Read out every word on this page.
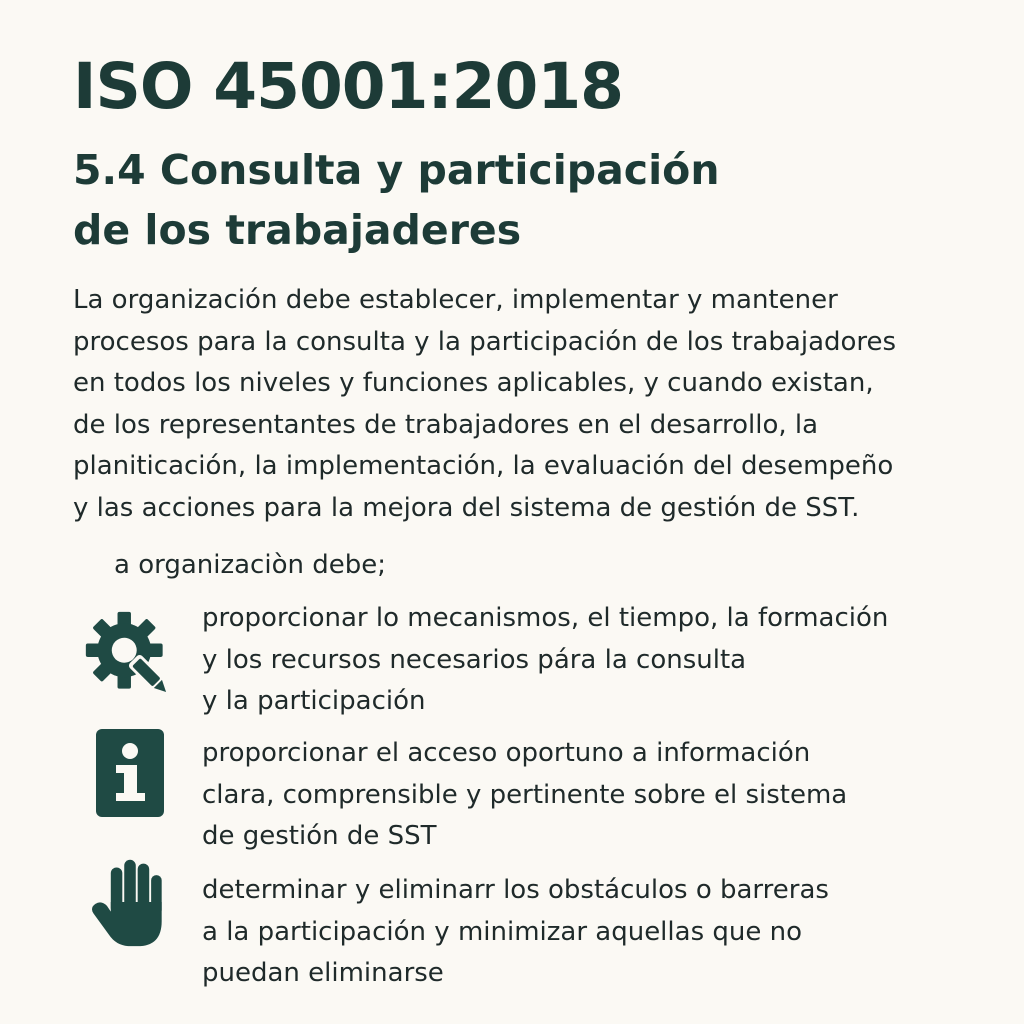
ISO 45001:2018
5.4 Consulta y participación
de los trabajaderes

La organización debe establecer, implementar y mantener
procesos para la consulta y la participación de los trabajadores
en todos los niveles y funciones aplicables, y cuando existan,
de los representantes de trabajadores en el desarrollo, la
planiticación, la implementación, la evaluación del desempeño
y las acciones para la mejora del sistema de gestión de SST.

a organizaciòn debe;

proporcionar lo mecanismos, el tiempo, la formación
y los recursos necesarios pára la consulta
y la participación

proporcionar el acceso oportuno a información
clara, comprensible y pertinente sobre el sistema
de gestión de SST

determinar y eliminarr los obstáculos o barreras
a la participación y minimizar aquellas que no
puedan eliminarse
